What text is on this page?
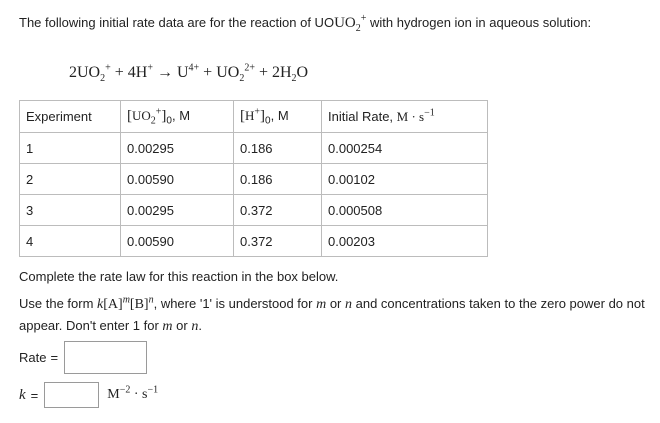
The following initial rate data are for the reaction of $UOUO_2^+$ with hydrogen ion in aqueous solution:
$2UO_2^+ + 4H^+ \to U^{4+} + UO_2^{2+} + 2H_2O$
Experiment	$[UO_2^+]_0$, M	$[H^+]_0$, M	Initial Rate, $M \cdot s^{-1}$
1	0.00295	0.186	0.000254
2	0.00590	0.186	0.00102
3	0.00295	0.372	0.000508
4	0.00590	0.372	0.00203
Complete the rate law for this reaction in the box below.
Use the form $k[A]^m[B]^n$, where '1' is understood for m or n and concentrations taken to the zero power do not appear. Don't enter 1 for m or n.
Rate =
k =	$M^{-2} \cdot s^{-1}$
